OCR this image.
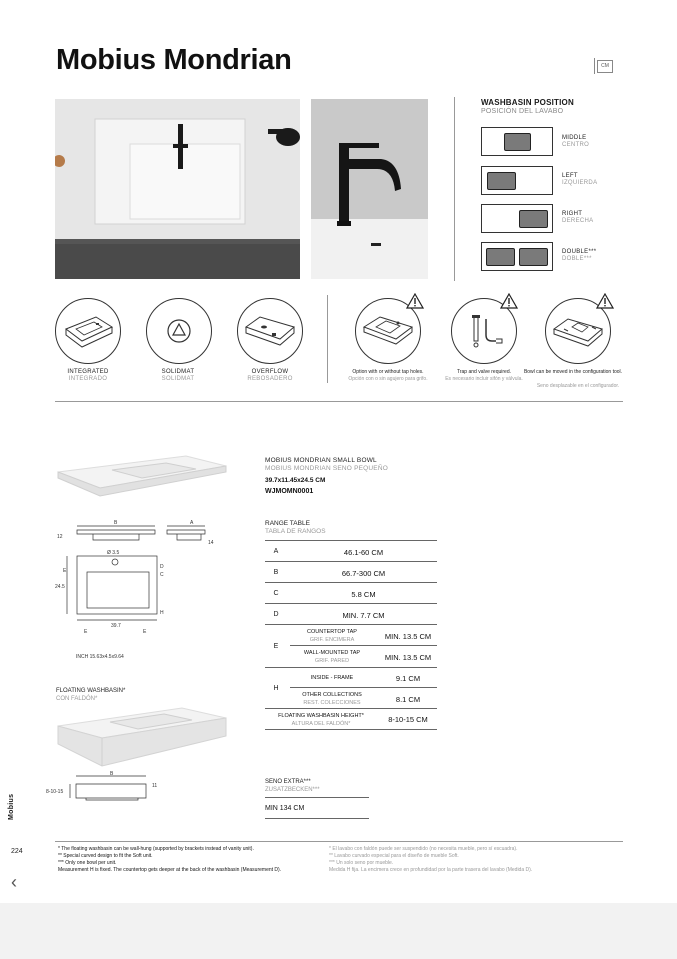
Mobius Mondrian	CM
WASHBASIN POSITION
POSICIÓN DEL LAVABO
MIDDLE
CENTRO
LEFT
IZQUIERDA
RIGHT
DERECHA
DOUBLE***
DOBLE***
INTEGRATED
INTEGRADO
SOLIDMAT
SOLIDMAT
OVERFLOW
REBOSADERO
Option with or without tap holes.
Opción con o sin agujero para grifo.
Trap and valve required.
Es necesario incluir sifón y válvula.
Bowl can be moved in the configuration tool.
Seno desplazable en el configurador.
B	A
12
14
Ø 3.5
D
C
E
H
24.5
39.7
E	E
INCH 15.63x4.5x9.64
FLOATING WASHBASIN*
CON FALDÓN*
B
8-10-15
11
MOBIUS MONDRIAN SMALL BOWL
MOBIUS MONDRIAN SENO PEQUEÑO
39.7x11.45x24.5 CM
WJMOMN0001
RANGE TABLE
TABLA DE RANGOS
A	46.1-60 CM
B	66.7-300 CM
C	5.8 CM
D	MIN. 7.7 CM
E
COUNTERTOP TAP
GRIF. ENCIMERA	MIN. 13.5 CM
WALL-MOUNTED TAP
GRIF. PARED	MIN. 13.5 CM
H
INSIDE - FRAME	9.1 CM
OTHER COLLECTIONS
REST. COLECCIONES	8.1 CM
FLOATING WASHBASIN HEIGHT*
ALTURA DEL FALDÓN*	8-10-15 CM
SENO EXTRA***
ZUSATZBECKEN***
MIN 134 CM
* The floating washbasin can be wall-hung (supported by brackets instead of vanity unit).
** Special curved design to fit the Soft unit.
*** Only one bowl per unit.
Measurement H is fixed. The countertop gets deeper at the back of the washbasin (Measurement D).
* El lavabo con faldón puede ser suspendido (no necesita mueble, pero sí escuadra).
** Lavabo curvado especial para el diseño de mueble Soft.
*** Un solo seno por mueble.
Medida H fija. La encimera crece en profundidad por la parte trasera del lavabo (Medida D).
Mobius
224
‹
